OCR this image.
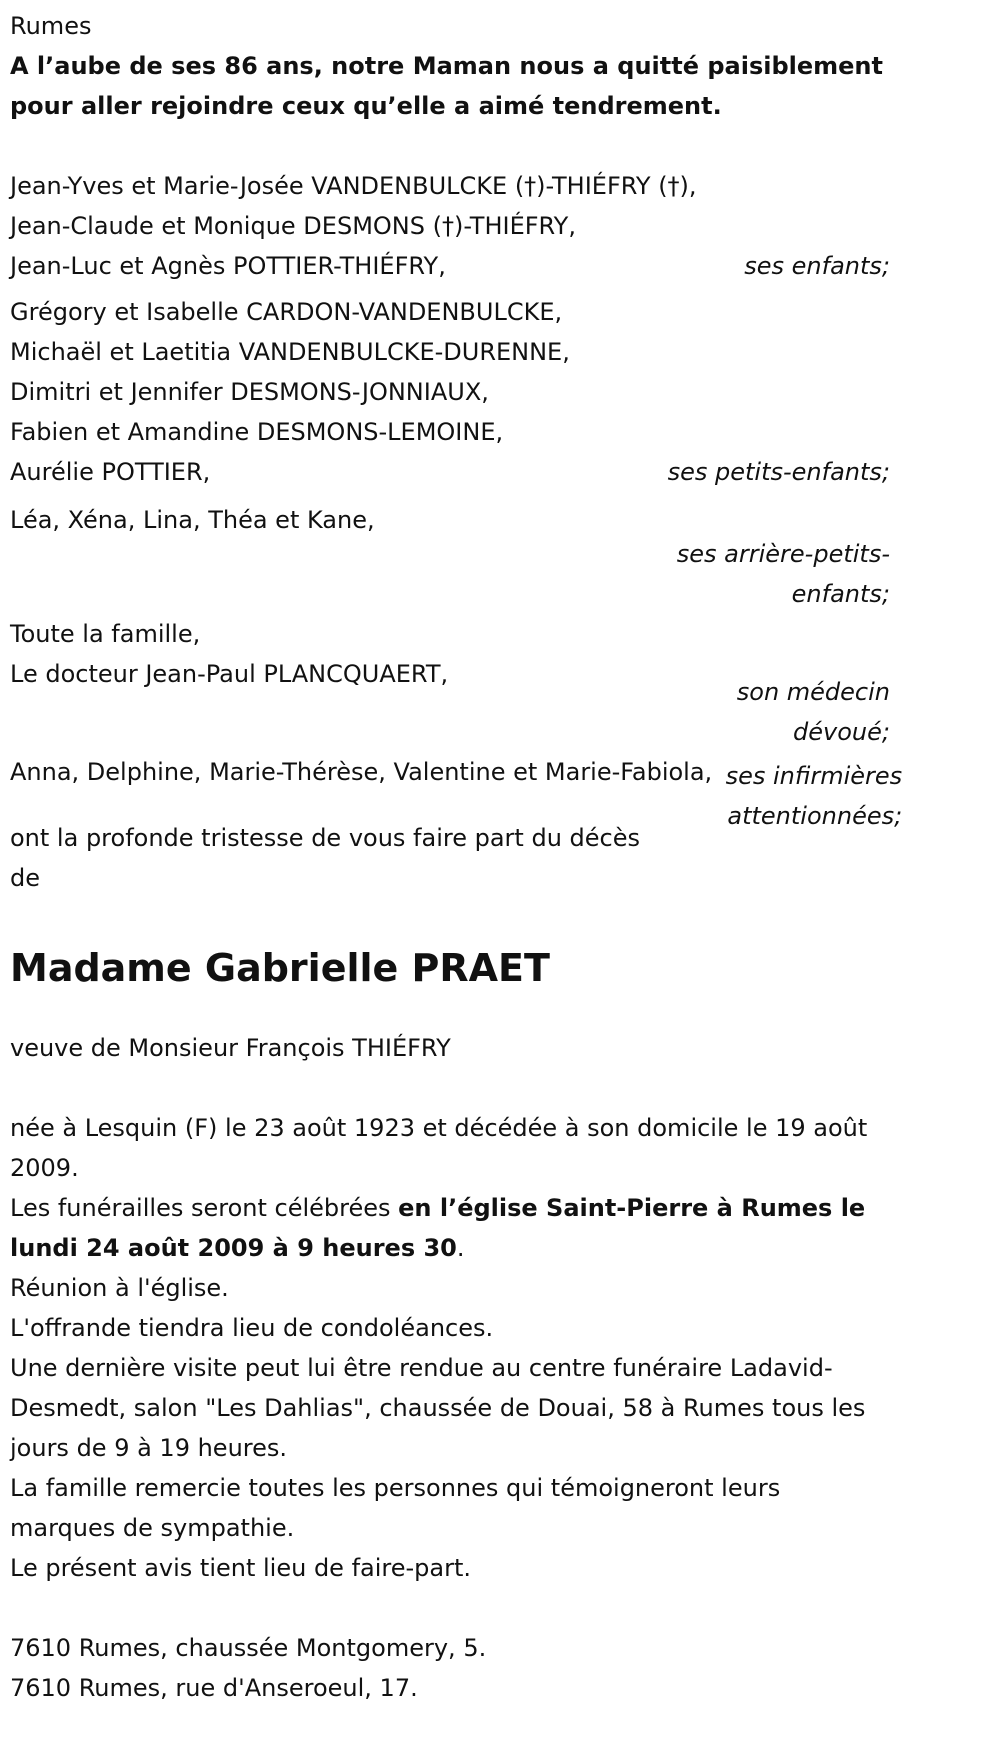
Rumes
A l’aube de ses 86 ans, notre Maman nous a quitté paisiblement pour aller rejoindre ceux qu’elle a aimé tendrement.
Jean-Yves et Marie-Josée VANDENBULCKE (†)-THIÉFRY (†),
Jean-Claude et Monique DESMONS (†)-THIÉFRY,
Jean-Luc et Agnès POTTIER-THIÉFRY,	ses enfants;
Grégory et Isabelle CARDON-VANDENBULCKE,
Michaël et Laetitia VANDENBULCKE-DURENNE,
Dimitri et Jennifer DESMONS-JONNIAUX,
Fabien et Amandine DESMONS-LEMOINE,
Aurélie POTTIER,	ses petits-enfants;
Léa, Xéna, Lina, Théa et Kane,
ses arrière-petits-enfants;
Toute la famille,
Le docteur Jean-Paul PLANCQUAERT,
son médecin dévoué;
Anna, Delphine, Marie-Thérèse, Valentine et Marie-Fabiola,
ont la profonde tristesse de vous faire part du décès de
ses infirmières attentionnées;
Madame Gabrielle PRAET
veuve de Monsieur François THIÉFRY
née à Lesquin (F) le 23 août 1923 et décédée à son domicile le 19 août 2009.
Les funérailles seront célébrées en l’église Saint-Pierre à Rumes le lundi 24 août 2009 à 9 heures 30.
Réunion à l'église.
L'offrande tiendra lieu de condoléances.
Une dernière visite peut lui être rendue au centre funéraire Ladavid-Desmedt, salon "Les Dahlias", chaussée de Douai, 58 à Rumes tous les jours de 9 à 19 heures.
La famille remercie toutes les personnes qui témoigneront leurs marques de sympathie.
Le présent avis tient lieu de faire-part.
7610 Rumes, chaussée Montgomery, 5.
7610 Rumes, rue d'Anseroeul, 17.
